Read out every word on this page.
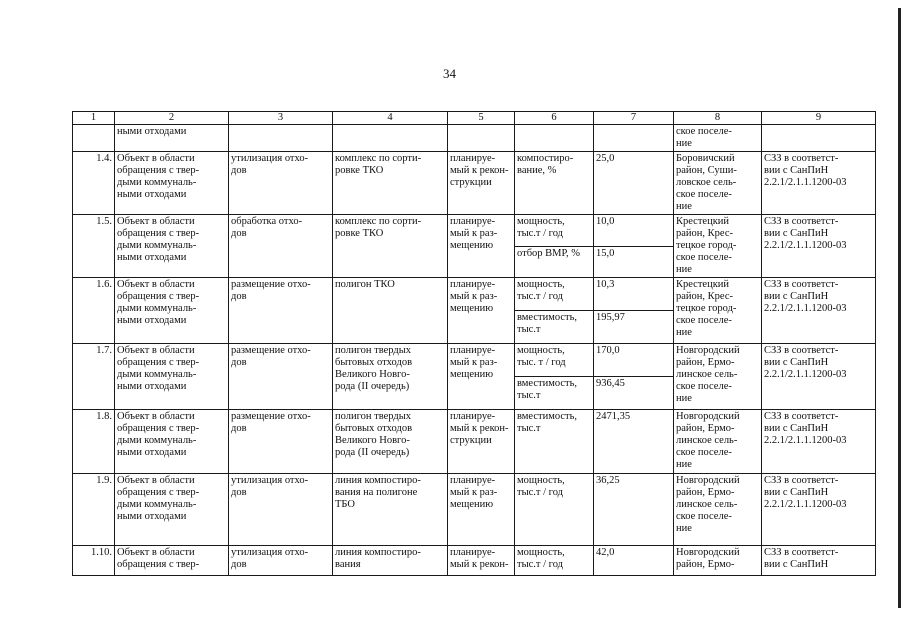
34
1	2	3	4	5	6	7	8	9
	ными отходами						ское поселе-
ние	
1.4.	Объект в области
обращения с твер-
дыми коммуналь-
ными отходами	утилизация отхо-
дов	комплекс по сорти-
ровке ТКО	планируе-
мый к рекон-
струкции	компостиро-
вание, %	25,0	Боровичский
район, Суши-
ловское сель-
ское поселе-
ние	СЗЗ в соответст-
вии с СанПиН
2.2.1/2.1.1.1200-03
1.5.	Объект в области
обращения с твер-
дыми коммуналь-
ными отходами	обработка отхо-
дов	комплекс по сорти-
ровке ТКО	планируе-
мый к раз-
мещению	мощность,
тыс.т / год	10,0	Крестецкий
район, Крес-
тецкое город-
ское поселе-
ние	СЗЗ в соответст-
вии с СанПиН
2.2.1/2.1.1.1200-03
					отбор ВМР, %	15,0		
1.6.	Объект в области
обращения с твер-
дыми коммуналь-
ными отходами	размещение отхо-
дов	полигон ТКО	планируе-
мый к раз-
мещению	мощность,
тыс.т / год	10,3	Крестецкий
район, Крес-
тецкое город-
ское поселе-
ние	СЗЗ в соответст-
вии с СанПиН
2.2.1/2.1.1.1200-03
					вместимость,
тыс.т	195,97		
1.7.	Объект в области
обращения с твер-
дыми коммуналь-
ными отходами	размещение отхо-
дов	полигон твердых
бытовых отходов
Великого Новго-
рода (II очередь)	планируе-
мый к раз-
мещению	мощность,
тыс. т / год	170,0	Новгородский
район, Ермо-
линское сель-
ское поселе-
ние	СЗЗ в соответст-
вии с СанПиН
2.2.1/2.1.1.1200-03
					вместимость,
тыс.т	936,45		
1.8.	Объект в области
обращения с твер-
дыми коммуналь-
ными отходами	размещение отхо-
дов	полигон твердых
бытовых отходов
Великого Новго-
рода (II очередь)	планируе-
мый к рекон-
струкции	вместимость,
тыс.т	2471,35	Новгородский
район, Ермо-
линское сель-
ское поселе-
ние	СЗЗ в соответст-
вии с СанПиН
2.2.1/2.1.1.1200-03
1.9.	Объект в области
обращения с твер-
дыми коммуналь-
ными отходами	утилизация отхо-
дов	линия компостиро-
вания на полигоне
ТБО	планируе-
мый к раз-
мещению	мощность,
тыс.т / год	36,25	Новгородский
район, Ермо-
линское сель-
ское поселе-
ние	СЗЗ в соответст-
вии с СанПиН
2.2.1/2.1.1.1200-03
1.10.	Объект в области
обращения с твер-	утилизация отхо-
дов	линия компостиро-
вания	планируе-
мый к рекон-	мощность,
тыс.т / год	42,0	Новгородский
район, Ермо-	СЗЗ в соответст-
вии с СанПиН
